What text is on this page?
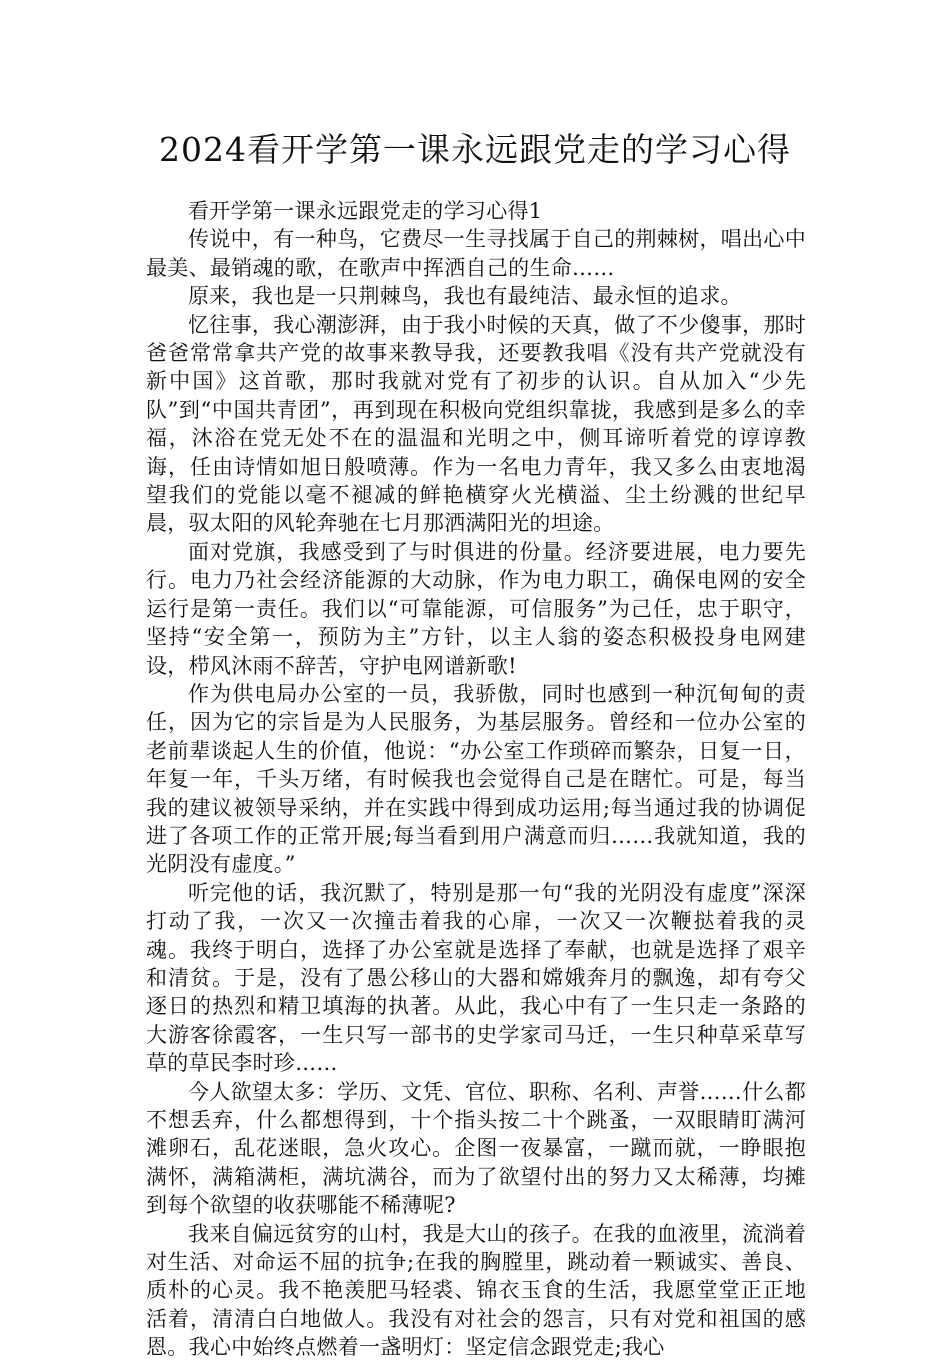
2024看开学第一课永远跟党走的学习心得

看开学第一课永远跟党走的学习心得1

传说中，有一种鸟，它费尽一生寻找属于自己的荆棘树，唱出心中最美、最销魂的歌，在歌声中挥洒自己的生命……

原来，我也是一只荆棘鸟，我也有最纯洁、最永恒的追求。

忆往事，我心潮澎湃，由于我小时候的天真，做了不少傻事，那时爸爸常常拿共产党的故事来教导我，还要教我唱《没有共产党就没有新中国》这首歌，那时我就对党有了初步的认识。自从加入“少先队”到“中国共青团”，再到现在积极向党组织靠拢，我感到是多么的幸福，沐浴在党无处不在的温温和光明之中，侧耳谛听着党的谆谆教诲，任由诗情如旭日般喷薄。作为一名电力青年，我又多么由衷地渴望我们的党能以毫不褪减的鲜艳横穿火光横溢、尘土纷溅的世纪早晨，驭太阳的风轮奔驰在七月那洒满阳光的坦途。

面对党旗，我感受到了与时俱进的份量。经济要进展，电力要先行。电力乃社会经济能源的大动脉，作为电力职工，确保电网的安全运行是第一责任。我们以“可靠能源，可信服务”为己任，忠于职守，坚持“安全第一，预防为主”方针，以主人翁的姿态积极投身电网建设，栉风沐雨不辞苦，守护电网谱新歌!

作为供电局办公室的一员，我骄傲，同时也感到一种沉甸甸的责任，因为它的宗旨是为人民服务，为基层服务。曾经和一位办公室的老前辈谈起人生的价值，他说：“办公室工作琐碎而繁杂，日复一日，年复一年，千头万绪，有时候我也会觉得自己是在瞎忙。可是，每当我的建议被领导采纳，并在实践中得到成功运用;每当通过我的协调促进了各项工作的正常开展;每当看到用户满意而归……我就知道，我的光阴没有虚度。”

听完他的话，我沉默了，特别是那一句“我的光阴没有虚度”深深打动了我，一次又一次撞击着我的心扉，一次又一次鞭挞着我的灵魂。我终于明白，选择了办公室就是选择了奉献，也就是选择了艰辛和清贫。于是，没有了愚公移山的大器和嫦娥奔月的飘逸，却有夸父逐日的热烈和精卫填海的执著。从此，我心中有了一生只走一条路的大游客徐霞客，一生只写一部书的史学家司马迁，一生只种草采草写草的草民李时珍……

今人欲望太多：学历、文凭、官位、职称、名利、声誉……什么都不想丢弃，什么都想得到，十个指头按二十个跳蚤，一双眼睛盯满河滩卵石，乱花迷眼，急火攻心。企图一夜暴富，一蹴而就，一睁眼抱满怀，满箱满柜，满坑满谷，而为了欲望付出的努力又太稀薄，均摊到每个欲望的收获哪能不稀薄呢?

我来自偏远贫穷的山村，我是大山的孩子。在我的血液里，流淌着对生活、对命运不屈的抗争;在我的胸膛里，跳动着一颗诚实、善良、质朴的心灵。我不艳羡肥马轻裘、锦衣玉食的生活，我愿堂堂正正地活着，清清白白地做人。我没有对社会的怨言，只有对党和祖国的感恩。我心中始终点燃着一盏明灯：坚定信念跟党走;我心
